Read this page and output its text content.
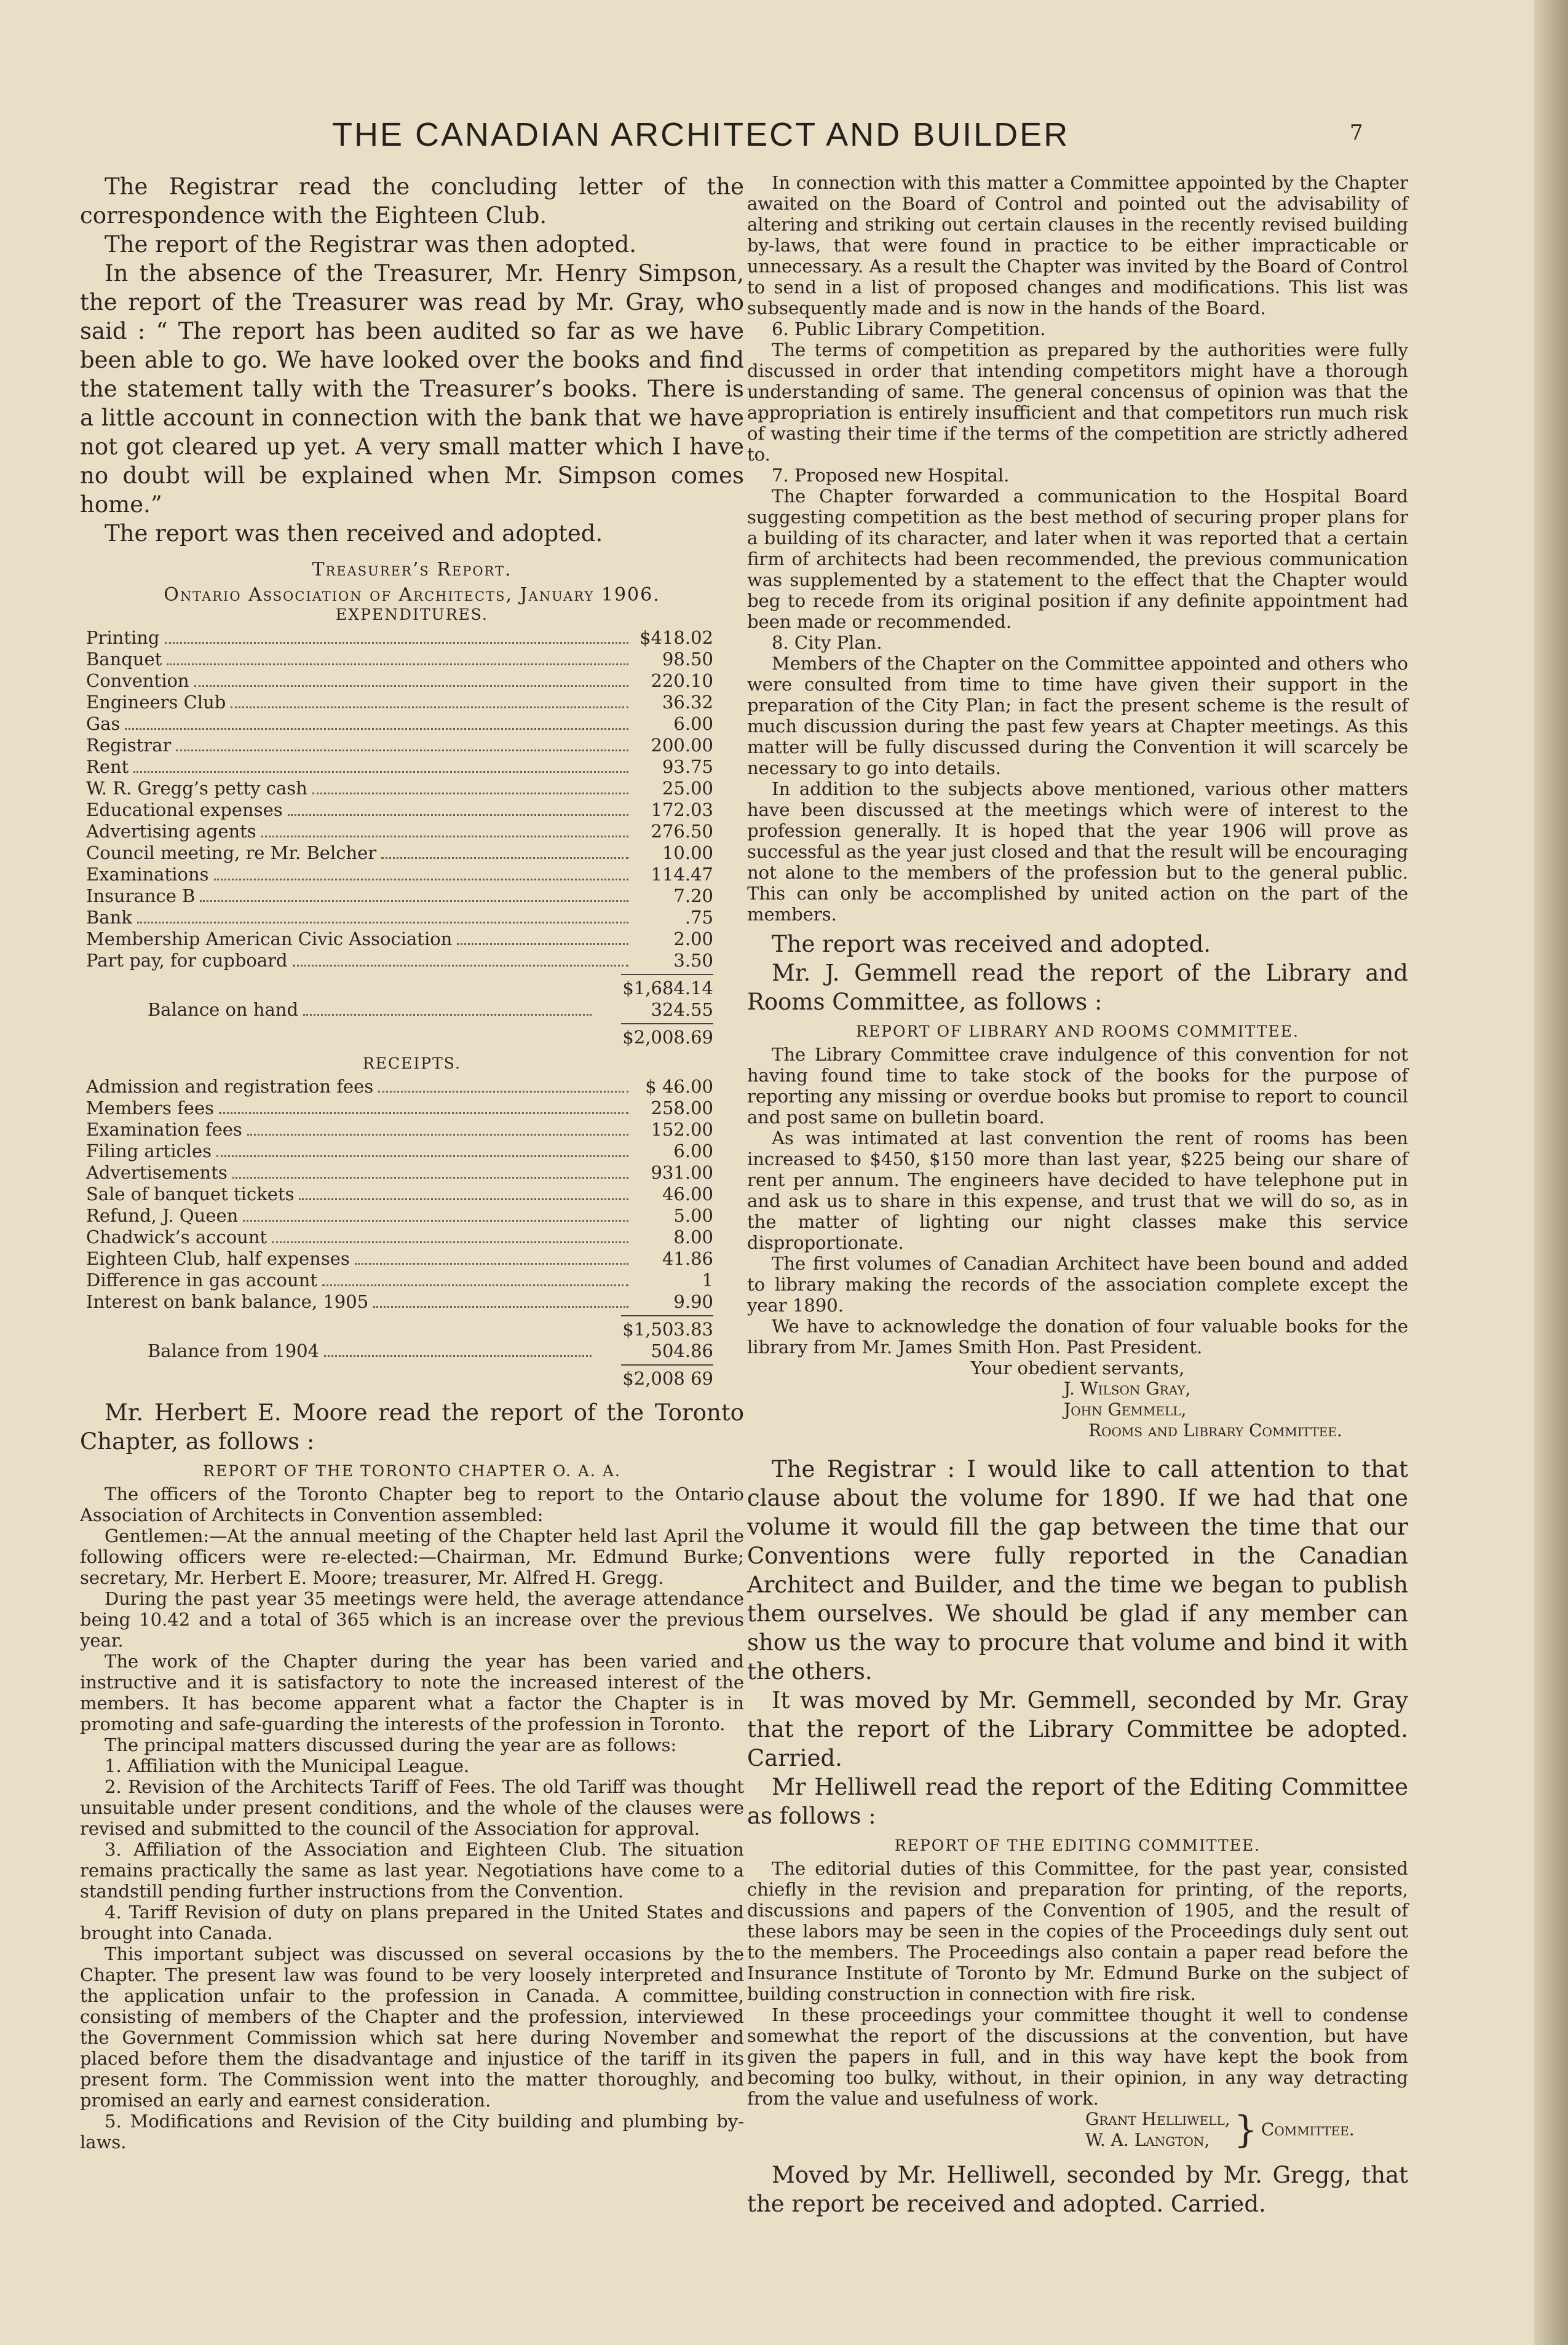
THE CANADIAN ARCHITECT AND BUILDER	7

The Registrar read the concluding letter of the correspondence with the Eighteen Club.

The report of the Registrar was then adopted.

In the absence of the Treasurer, Mr. Henry Simpson, the report of the Treasurer was read by Mr. Gray, who said : “ The report has been audited so far as we have been able to go. We have looked over the books and find the statement tally with the Treasurer’s books. There is a little account in connection with the bank that we have not got cleared up yet. A very small matter which I have no doubt will be explained when Mr. Simpson comes home.”

The report was then received and adopted.

Treasurer’s Report.
Ontario Association of Architects, January 1906.
EXPENDITURES.
Printing	$418.02
Banquet	98.50
Convention	220.10
Engineers Club	36.32
Gas	6.00
Registrar	200.00
Rent	93.75
W. R. Gregg’s petty cash	25.00
Educational expenses	172.03
Advertising agents	276.50
Council meeting, re Mr. Belcher	10.00
Examinations	114.47
Insurance B	7.20
Bank	.75
Membership American Civic Association	2.00
Part pay, for cupboard	3.50
$1,684.14
Balance on hand	324.55
$2,008.69
RECEIPTS.
Admission and registration fees	$ 46.00
Members fees	258.00
Examination fees	152.00
Filing articles	6.00
Advertisements	931.00
Sale of banquet tickets	46.00
Refund, J. Queen	5.00
Chadwick’s account	8.00
Eighteen Club, half expenses	41.86
Difference in gas account	1
Interest on bank balance, 1905	9.90
$1,503.83
Balance from 1904	504.86
$2,008 69

Mr. Herbert E. Moore read the report of the Toronto Chapter, as follows :

REPORT OF THE TORONTO CHAPTER O. A. A.

The officers of the Toronto Chapter beg to report to the Ontario Association of Architects in Convention assembled:

Gentlemen:—At the annual meeting of the Chapter held last April the following officers were re-elected:—Chairman, Mr. Edmund Burke; secretary, Mr. Herbert E. Moore; treasurer, Mr. Alfred H. Gregg.

During the past year 35 meetings were held, the average attendance being 10.42 and a total of 365 which is an increase over the previous year.

The work of the Chapter during the year has been varied and instructive and it is satisfactory to note the increased interest of the members. It has become apparent what a factor the Chapter is in promoting and safe-guarding the interests of the profession in Toronto.

The principal matters discussed during the year are as follows:

1. Affiliation with the Municipal League.

2. Revision of the Architects Tariff of Fees. The old Tariff was thought unsuitable under present conditions, and the whole of the clauses were revised and submitted to the council of the Association for approval.

3. Affiliation of the Association and Eighteen Club. The situation remains practically the same as last year. Negotiations have come to a standstill pending further instructions from the Convention.

4. Tariff Revision of duty on plans prepared in the United States and brought into Canada.

This important subject was discussed on several occasions by the Chapter. The present law was found to be very loosely interpreted and the application unfair to the profession in Canada. A committee, consisting of members of the Chapter and the profession, interviewed the Government Commission which sat here during November and placed before them the disadvantage and injustice of the tariff in its present form. The Commission went into the matter thoroughly, and promised an early and earnest consideration.

5. Modifications and Revision of the City building and plumbing by-laws.

In connection with this matter a Committee appointed by the Chapter awaited on the Board of Control and pointed out the advisability of altering and striking out certain clauses in the recently revised building by-laws, that were found in practice to be either impracticable or unnecessary. As a result the Chapter was invited by the Board of Control to send in a list of proposed changes and modifications. This list was subsequently made and is now in the hands of the Board.

6. Public Library Competition.

The terms of competition as prepared by the authorities were fully discussed in order that intending competitors might have a thorough understanding of same. The general concensus of opinion was that the appropriation is entirely insufficient and that competitors run much risk of wasting their time if the terms of the competition are strictly adhered to.

7. Proposed new Hospital.

The Chapter forwarded a communication to the Hospital Board suggesting competition as the best method of securing proper plans for a building of its character, and later when it was reported that a certain firm of architects had been recommended, the previous communication was supplemented by a statement to the effect that the Chapter would beg to recede from its original position if any definite appointment had been made or recommended.

8. City Plan.

Members of the Chapter on the Committee appointed and others who were consulted from time to time have given their support in the preparation of the City Plan; in fact the present scheme is the result of much discussion during the past few years at Chapter meetings. As this matter will be fully discussed during the Convention it will scarcely be necessary to go into details.

In addition to the subjects above mentioned, various other matters have been discussed at the meetings which were of interest to the profession generally. It is hoped that the year 1906 will prove as successful as the year just closed and that the result will be encouraging not alone to the members of the profession but to the general public. This can only be accomplished by united action on the part of the members.

The report was received and adopted.

Mr. J. Gemmell read the report of the Library and Rooms Committee, as follows :

REPORT OF LIBRARY AND ROOMS COMMITTEE.

The Library Committee crave indulgence of this convention for not having found time to take stock of the books for the purpose of reporting any missing or overdue books but promise to report to council and post same on bulletin board.

As was intimated at last convention the rent of rooms has been increased to $450, $150 more than last year, $225 being our share of rent per annum. The engineers have decided to have telephone put in and ask us to share in this expense, and trust that we will do so, as in the matter of lighting our night classes make this service disproportionate.

The first volumes of Canadian Architect have been bound and added to library making the records of the association complete except the year 1890.

We have to acknowledge the donation of four valuable books for the library from Mr. James Smith Hon. Past President.

Your obedient servants,

J. Wilson Gray,
John Gemmell,
Rooms and Library Committee.

The Registrar : I would like to call attention to that clause about the volume for 1890. If we had that one volume it would fill the gap between the time that our Conventions were fully reported in the Canadian Architect and Builder, and the time we began to publish them ourselves. We should be glad if any member can show us the way to procure that volume and bind it with the others.

It was moved by Mr. Gemmell, seconded by Mr. Gray that the report of the Library Committee be adopted. Carried.

Mr Helliwell read the report of the Editing Committee as follows :

REPORT OF THE EDITING COMMITTEE.

The editorial duties of this Committee, for the past year, consisted chiefly in the revision and preparation for printing, of the reports, discussions and papers of the Convention of 1905, and the result of these labors may be seen in the copies of the Proceedings duly sent out to the members. The Proceedings also contain a paper read before the Insurance Institute of Toronto by Mr. Edmund Burke on the subject of building construction in connection with fire risk.

In these proceedings your committee thought it well to condense somewhat the report of the discussions at the convention, but have given the papers in full, and in this way have kept the book from becoming too bulky, without, in their opinion, in any way detracting from the value and usefulness of work.

Grant Helliwell,
W. A. Langton, } Committee.

Moved by Mr. Helliwell, seconded by Mr. Gregg, that the report be received and adopted. Carried.
